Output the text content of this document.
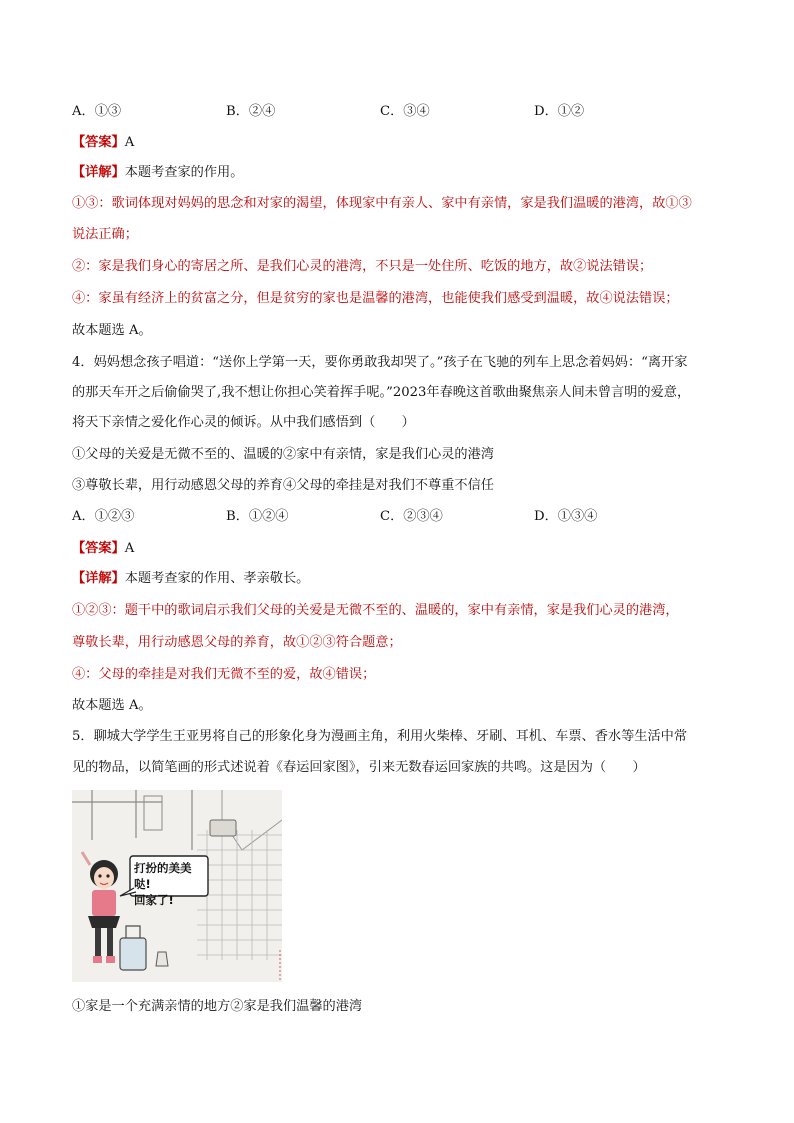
A．①③	B．②④	C．③④	D．①②
【答案】A
【详解】本题考查家的作用。
①③：歌词体现对妈妈的思念和对家的渴望，体现家中有亲人、家中有亲情，家是我们温暖的港湾，故①③
说法正确；
②：家是我们身心的寄居之所、是我们心灵的港湾，不只是一处住所、吃饭的地方，故②说法错误；
④：家虽有经济上的贫富之分，但是贫穷的家也是温馨的港湾，也能使我们感受到温暖，故④说法错误；
故本题选 A。
4．妈妈想念孩子唱道：“送你上学第一天，要你勇敢我却哭了。”孩子在飞驰的列车上思念着妈妈：“离开家
的那天车开之后偷偷哭了,我不想让你担心笑着挥手呢。”2023年春晚这首歌曲聚焦亲人间未曾言明的爱意，
将天下亲情之爱化作心灵的倾诉。从中我们感悟到（　　）
①父母的关爱是无微不至的、温暖的②家中有亲情，家是我们心灵的港湾
③尊敬长辈，用行动感恩父母的养育④父母的牵挂是对我们不尊重不信任
A．①②③	B．①②④	C．②③④	D．①③④
【答案】A
【详解】本题考查家的作用、孝亲敬长。
①②③：题干中的歌词启示我们父母的关爱是无微不至的、温暖的，家中有亲情，家是我们心灵的港湾，
尊敬长辈，用行动感恩父母的养育，故①②③符合题意；
④：父母的牵挂是对我们无微不至的爱，故④错误；
故本题选 A。
5．聊城大学学生王亚男将自己的形象化身为漫画主角，利用火柴棒、牙刷、耳机、车票、香水等生活中常
见的物品，以简笔画的形式述说着《春运回家图》，引来无数春运回家族的共鸣。这是因为（　　）
打扮的美美哒!
回家了!
①家是一个充满亲情的地方②家是我们温馨的港湾
